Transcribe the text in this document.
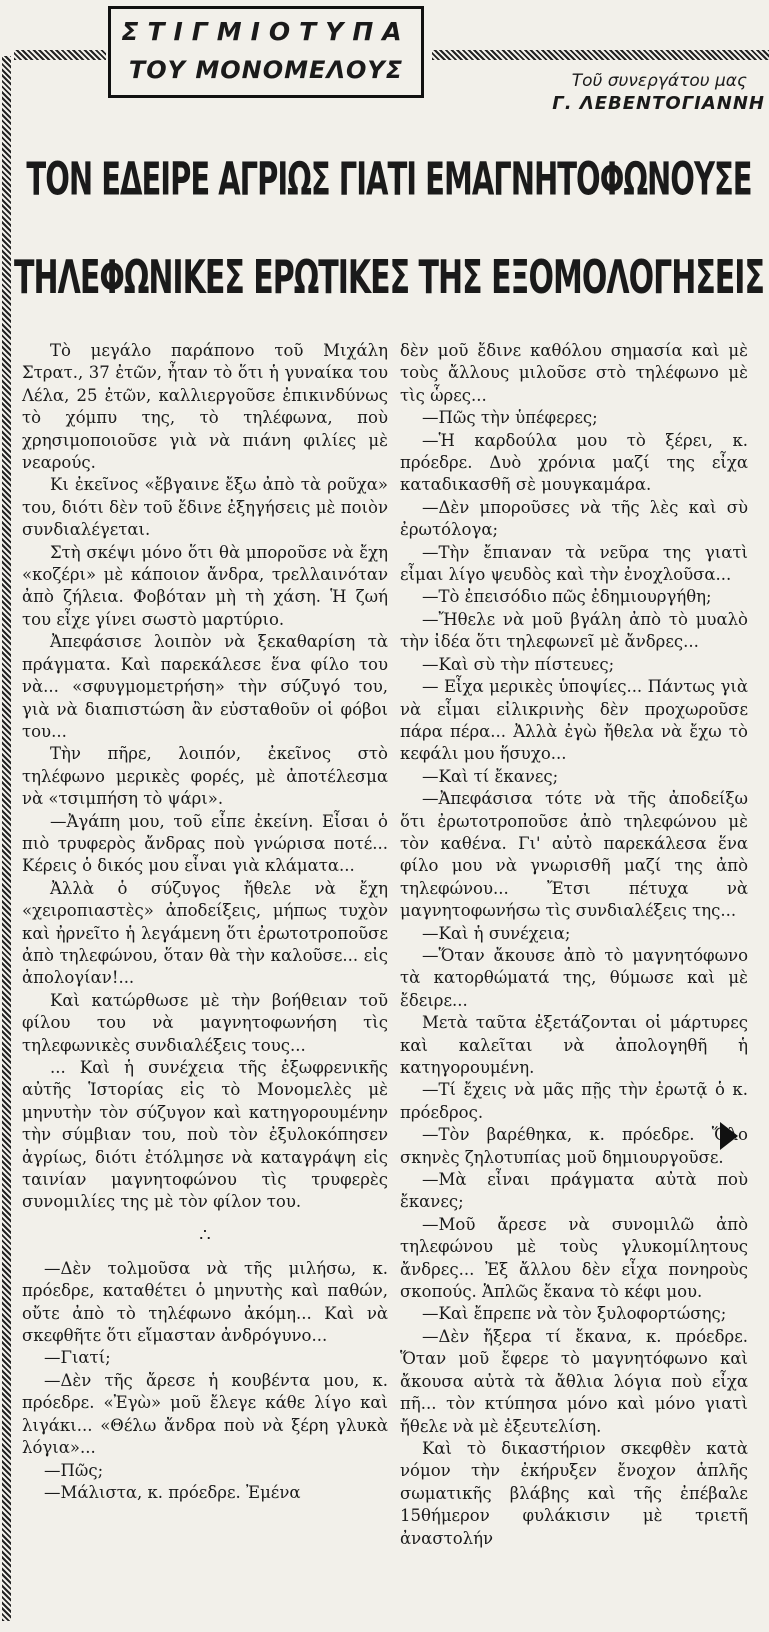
ΣΤΙΓΜΙΟΤΥΠΑ
ΤΟΥ ΜΟΝΟΜΕΛΟΥΣ	Τοῦ συνεργάτου μας
Γ. ΛΕΒΕΝΤΟΓΙΑΝΝΗ
ΤΟΝ ΕΔΕΙΡΕ ΑΓΡΙΩΣ ΓΙΑΤΙ ΕΜΑΓΝΗΤΟΦΩΝΟΥΣΕ
ΤΗΛΕΦΩΝΙΚΕΣ ΕΡΩΤΙΚΕΣ ΤΗΣ ΕΞΟΜΟΛΟΓΗΣΕΙΣ

Τὸ μεγάλο παράπονο τοῦ Μιχάλη Στρατ., 37 ἐτῶν, ἦταν τὸ ὅτι ἡ γυναίκα του Λέλα, 25 ἐτῶν, καλλιεργοῦσε ἐπικινδύνως τὸ χόμπυ της, τὸ τηλέφωνα, ποὺ χρησιμοποιοῦσε γιὰ νὰ πιάνη φιλίες μὲ νεαρούς.

Κι ἐκεῖνος «ἔβγαινε ἔξω ἀπὸ τὰ ροῦχα» του, διότι δὲν τοῦ ἔδινε ἐξηγήσεις μὲ ποιὸν συνδιαλέγεται.

Στὴ σκέψι μόνο ὅτι θὰ μποροῦσε νὰ ἔχη «κοζέρι» μὲ κάποιον ἄνδρα, τρελλαινόταν ἀπὸ ζήλεια. Φοβόταν μὴ τὴ χάση. Ἡ ζωή του εἶχε γίνει σωστὸ μαρτύριο.

Ἀπεφάσισε λοιπὸν νὰ ξεκαθαρίση τὰ πράγματα. Καὶ παρεκάλεσε ἕνα φίλο του νὰ... «σφυγμομετρήση» τὴν σύζυγό του, γιὰ νὰ διαπιστώση ἂν εὐσταθοῦν οἱ φόβοι του...

Τὴν πῆρε, λοιπόν, ἐκεῖνος στὸ τηλέφωνο μερικὲς φορές, μὲ ἀποτέλεσμα νὰ «τσιμπήση τὸ ψάρι».

—Ἀγάπη μου, τοῦ εἶπε ἐκείνη. Εἶσαι ὁ πιὸ τρυφερὸς ἄνδρας ποὺ γνώρισα ποτέ... Κέρεις ὁ δικός μου εἶναι γιὰ κλάματα...

Ἀλλὰ ὁ σύζυγος ἤθελε νὰ ἔχη «χειροπιαστὲς» ἀποδείξεις, μήπως τυχὸν καὶ ἠρνεῖτο ἡ λεγάμενη ὅτι ἐρωτοτροποῦσε ἀπὸ τηλεφώνου, ὅταν θὰ τὴν καλοῦσε... εἰς ἀπολογίαν!...

Καὶ κατώρθωσε μὲ τὴν βοήθειαν τοῦ φίλου του νὰ μαγνητοφωνήση τὶς τηλεφωνικὲς συνδιαλέξεις τους...

... Καὶ ἡ συνέχεια τῆς ἐξωφρενικῆς αὐτῆς Ἱστορίας εἰς τὸ Μονομελὲς μὲ μηνυτὴν τὸν σύζυγον καὶ κατηγορουμένην τὴν σύμβιαν του, ποὺ τὸν ἐξυλοκόπησεν ἀγρίως, διότι ἐτόλμησε νὰ καταγράψη εἰς ταινίαν μαγνητοφώνου τὶς τρυφερὲς συνομιλίες της μὲ τὸν φίλον του.

∴

—Δὲν τολμοῦσα νὰ τῆς μιλήσω, κ. πρόεδρε, καταθέτει ὁ μηνυτὴς καὶ παθών, οὔτε ἀπὸ τὸ τηλέφωνο ἀκόμη... Καὶ νὰ σκεφθῆτε ὅτι εἴμασταν ἀνδρόγυνο...

—Γιατί;

—Δὲν τῆς ἄρεσε ἡ κουβέντα μου, κ. πρόεδρε. «Ἐγὼ» μοῦ ἔλεγε κάθε λίγο καὶ λιγάκι... «Θέλω ἄνδρα ποὺ νὰ ξέρη γλυκὰ λόγια»...

—Πῶς;

—Μάλιστα, κ. πρόεδρε. Ἐμένα

δὲν μοῦ ἔδινε καθόλου σημασία καὶ μὲ τοὺς ἄλλους μιλοῦσε στὸ τηλέφωνο μὲ τὶς ὧρες...

—Πῶς τὴν ὑπέφερες;

—Ἡ καρδούλα μου τὸ ξέρει, κ. πρόεδρε. Δυὸ χρόνια μαζί της εἶχα καταδικασθῆ σὲ μουγκαμάρα.

—Δὲν μποροῦσες νὰ τῆς λὲς καὶ σὺ ἐρωτόλογα;

—Τὴν ἔπιαναν τὰ νεῦρα της γιατὶ εἶμαι λίγο ψευδὸς καὶ τὴν ἐνοχλοῦσα...

—Τὸ ἐπεισόδιο πῶς ἐδημιουργήθη;

—Ἤθελε νὰ μοῦ βγάλη ἀπὸ τὸ μυαλὸ τὴν ἰδέα ὅτι τηλεφωνεῖ μὲ ἄνδρες...

—Καὶ σὺ τὴν πίστευες;

— Εἶχα μερικὲς ὑποψίες... Πάντως γιὰ νὰ εἶμαι εἰλικρινὴς δὲν προχωροῦσε πάρα πέρα... Ἀλλὰ ἐγὼ ἤθελα νὰ ἔχω τὸ κεφάλι μου ἥσυχο...

—Καὶ τί ἔκανες;

—Ἀπεφάσισα τότε νὰ τῆς ἀποδείξω ὅτι ἐρωτοτροποῦσε ἀπὸ τηλεφώνου μὲ τὸν καθένα. Γι' αὐτὸ παρεκάλεσα ἕνα φίλο μου νὰ γνωρισθῆ μαζί της ἀπὸ τηλεφώνου... Ἔτσι πέτυχα νὰ μαγνητοφωνήσω τὶς συνδιαλέξεις της...

—Καὶ ἡ συνέχεια;

—Ὅταν ἄκουσε ἀπὸ τὸ μαγνητόφωνο τὰ κατορθώματά της, θύμωσε καὶ μὲ ἔδειρε...

Μετὰ ταῦτα ἐξετάζονται οἱ μάρτυρες καὶ καλεῖται νὰ ἀπολογηθῆ ἡ κατηγορουμένη.

—Τί ἔχεις νὰ μᾶς πῇς τὴν ἐρωτᾷ ὁ κ. πρόεδρος.

—Τὸν βαρέθηκα, κ. πρόεδρε. Ὅλο σκηνὲς ζηλοτυπίας μοῦ δημιουργοῦσε.

—Μὰ εἶναι πράγματα αὐτὰ ποὺ ἔκανες;

—Μοῦ ἄρεσε νὰ συνομιλῶ ἀπὸ τηλεφώνου μὲ τοὺς γλυκομίλητους ἄνδρες... Ἐξ ἄλλου δὲν εἶχα πονηροὺς σκοπούς. Ἁπλῶς ἔκανα τὸ κέφι μου.

—Καὶ ἔπρεπε νὰ τὸν ξυλοφορτώσης;

—Δὲν ἤξερα τί ἔκανα, κ. πρόεδρε. Ὅταν μοῦ ἔφερε τὸ μαγνητόφωνο καὶ ἄκουσα αὐτὰ τὰ ἄθλια λόγια ποὺ εἶχα πῆ... τὸν κτύπησα μόνο καὶ μόνο γιατὶ ἤθελε νὰ μὲ ἐξευτελίση.

Καὶ τὸ δικαστήριον σκεφθὲν κατὰ νόμον τὴν ἐκήρυξεν ἔνοχον ἁπλῆς σωματικῆς βλάβης καὶ τῆς ἐπέβαλε 15θήμερον φυλάκισιν μὲ τριετῆ ἀναστολήν
